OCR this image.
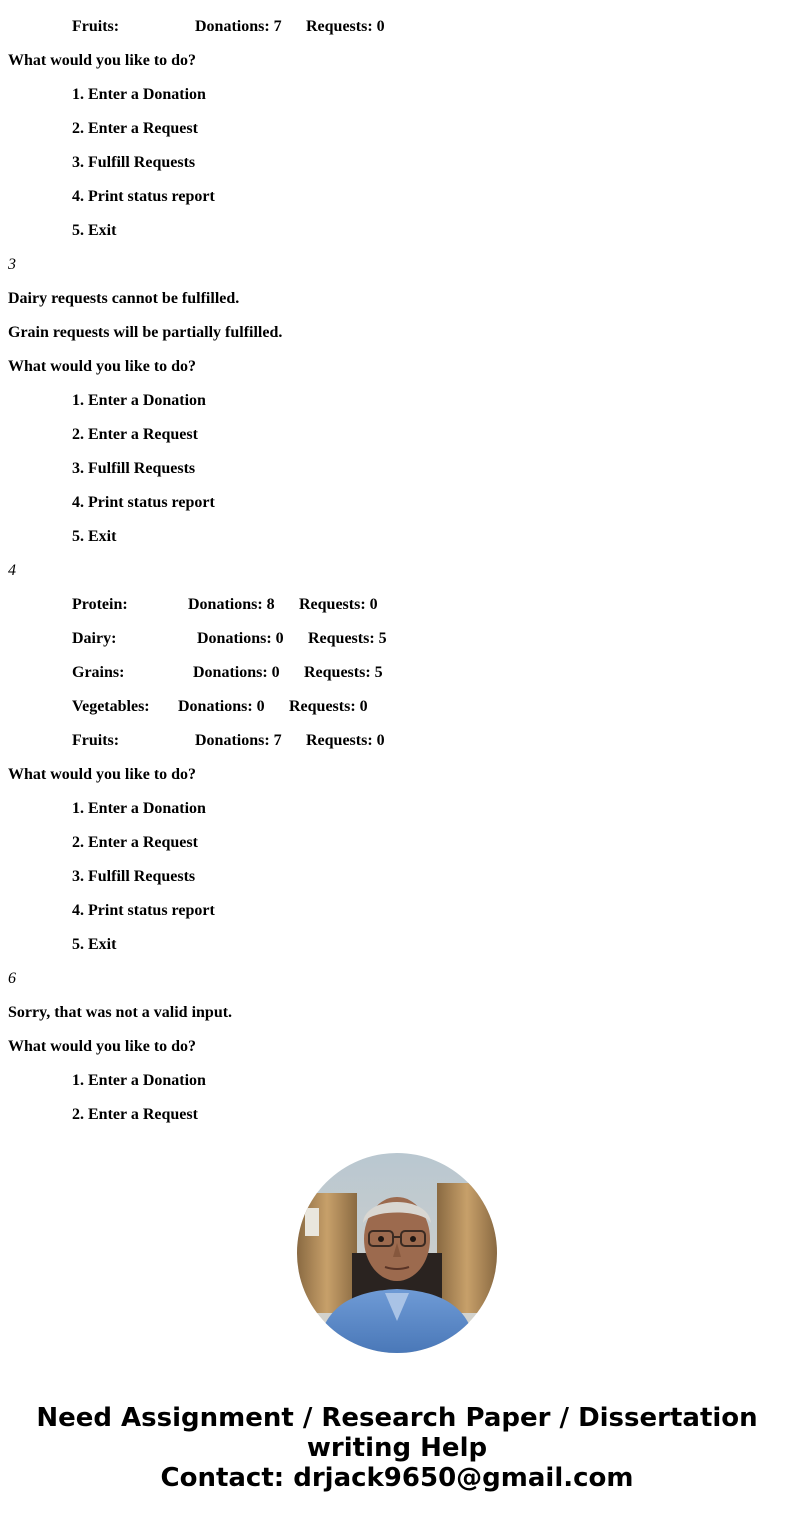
Fruits:	Donations: 7 Requests: 0
What would you like to do?
1. Enter a Donation
2. Enter a Request
3. Fulfill Requests
4. Print status report
5. Exit
3
Dairy requests cannot be fulfilled.
Grain requests will be partially fulfilled.
What would you like to do?
1. Enter a Donation
2. Enter a Request
3. Fulfill Requests
4. Print status report
5. Exit
4
Protein:	Donations: 8 Requests: 0
Dairy:	Donations: 0 Requests: 5
Grains:	Donations: 0 Requests: 5
Vegetables: Donations: 0 Requests: 0
Fruits:	Donations: 7 Requests: 0
What would you like to do?
1. Enter a Donation
2. Enter a Request
3. Fulfill Requests
4. Print status report
5. Exit
6
Sorry, that was not a valid input.
What would you like to do?
1. Enter a Donation
2. Enter a Request
Need Assignment / Research Paper / Dissertation
writing Help
Contact: drjack9650@gmail.com
